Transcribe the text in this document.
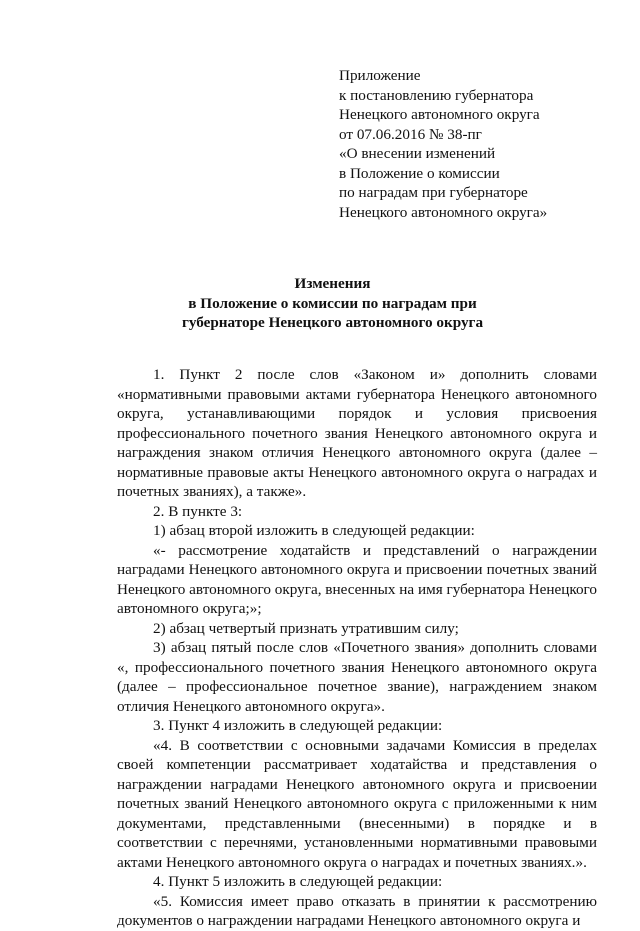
Приложение
к постановлению губернатора
Ненецкого автономного округа
от 07.06.2016 № 38-пг
«О внесении изменений
в Положение о комиссии
по наградам при губернаторе
Ненецкого автономного округа»
Изменения
в Положение о комиссии по наградам при
губернаторе Ненецкого автономного округа

1. Пункт 2 после слов «Законом и» дополнить словами «нормативными правовыми актами губернатора Ненецкого автономного округа, устанавливающими порядок и условия присвоения профессионального почетного звания Ненецкого автономного округа и награждения знаком отличия Ненецкого автономного округа (далее – нормативные правовые акты Ненецкого автономного округа о наградах и почетных званиях), а также».

2. В пункте 3:

1) абзац второй изложить в следующей редакции:

«- рассмотрение ходатайств и представлений о награждении наградами Ненецкого автономного округа и присвоении почетных званий Ненецкого автономного округа, внесенных на имя губернатора Ненецкого автономного округа;»;

2) абзац четвертый признать утратившим силу;

3) абзац пятый после слов «Почетного звания» дополнить словами «, профессионального почетного звания Ненецкого автономного округа (далее – профессиональное почетное звание), награждением знаком отличия Ненецкого автономного округа».

3. Пункт 4 изложить в следующей редакции:

«4. В соответствии с основными задачами Комиссия в пределах своей компетенции рассматривает ходатайства и представления о награждении наградами Ненецкого автономного округа и присвоении почетных званий Ненецкого автономного округа с приложенными к ним документами, представленными (внесенными) в порядке и в соответствии с перечнями, установленными нормативными правовыми актами Ненецкого автономного округа о наградах и почетных званиях.».

4. Пункт 5 изложить в следующей редакции:

«5. Комиссия имеет право отказать в принятии к рассмотрению документов о награждении наградами Ненецкого автономного округа и
